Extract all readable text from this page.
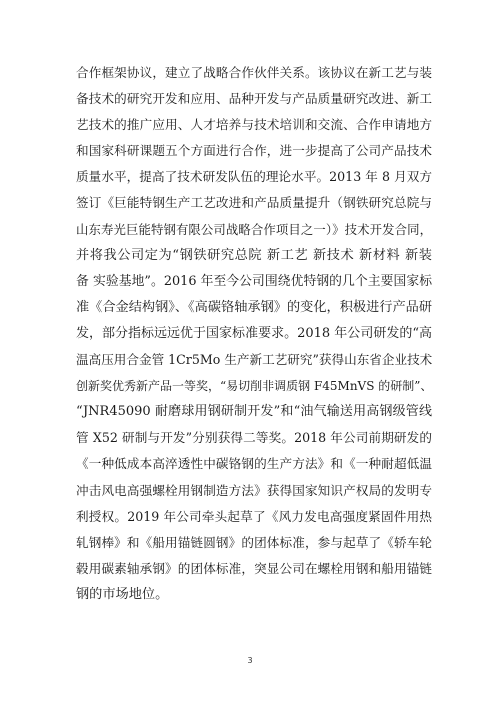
合作框架协议，建立了战略合作伙伴关系。该协议在新工艺与装
备技术的研究开发和应用、品种开发与产品质量研究改进、新工
艺技术的推广应用、人才培养与技术培训和交流、合作申请地方
和国家科研课题五个方面进行合作，进一步提高了公司产品技术
质量水平，提高了技术研发队伍的理论水平。2013 年 8 月双方
签订《巨能特钢生产工艺改进和产品质量提升（钢铁研究总院与
山东寿光巨能特钢有限公司战略合作项目之一）》技术开发合同，
并将我公司定为“钢铁研究总院 新工艺 新技术 新材料 新装
备 实验基地”。2016 年至今公司围绕优特钢的几个主要国家标
准《合金结构钢》、《高碳铬轴承钢》的变化，积极进行产品研
发，部分指标远远优于国家标准要求。2018 年公司研发的“高
温高压用合金管 1Cr5Mo 生产新工艺研究”获得山东省企业技术
创新奖优秀新产品一等奖，“易切削非调质钢 F45MnVS 的研制”、
“JNR45090 耐磨球用钢研制开发”和“油气输送用高钢级管线
管 X52 研制与开发”分别获得二等奖。2018 年公司前期研发的
《一种低成本高淬透性中碳铬钢的生产方法》和《一种耐超低温
冲击风电高强螺栓用钢制造方法》获得国家知识产权局的发明专
利授权。2019 年公司牵头起草了《风力发电高强度紧固件用热
轧钢棒》和《船用锚链圆钢》的团体标准，参与起草了《轿车轮
毂用碳素轴承钢》的团体标准，突显公司在螺栓用钢和船用锚链
钢的市场地位。
3
